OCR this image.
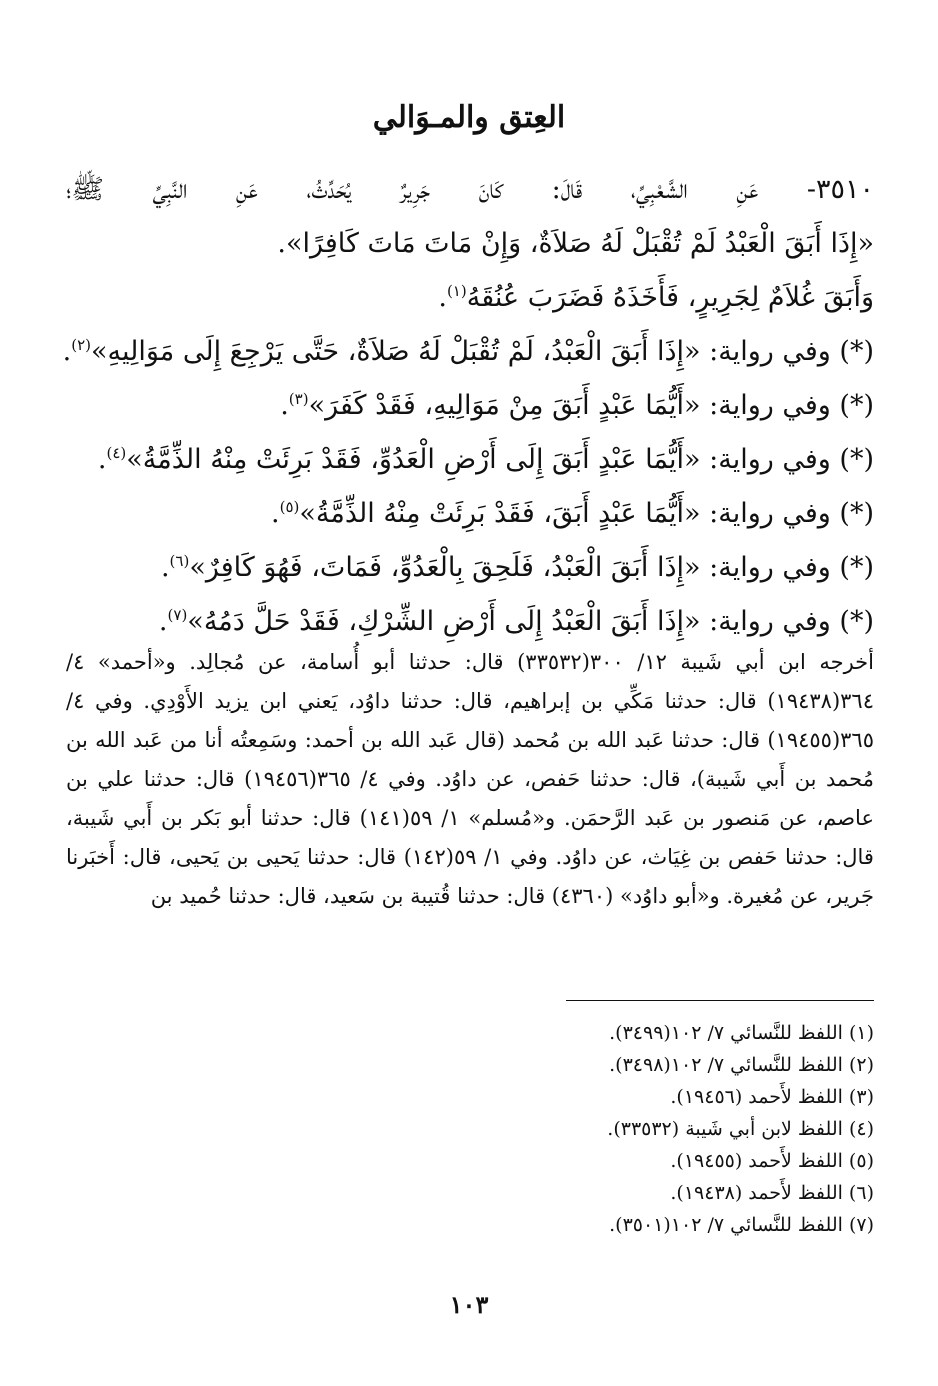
العِتق والمـوَالي
٣٥١٠- عَنِ الشَّعْبِيِّ، قَالَ: كَانَ جَرِيرٌ يُحَدِّثُ، عَنِ النَّبِيِّ ﷺ؛
«إِذَا أَبَقَ الْعَبْدُ لَمْ تُقْبَلْ لَهُ صَلاَةٌ، وَإِنْ مَاتَ مَاتَ كَافِرًا».
وَأَبَقَ غُلاَمٌ لِجَرِيرٍ، فَأَخَذَهُ فَضَرَبَ عُنُقَهُ$^{(١)}$.
(*) وفي رواية: «إِذَا أَبَقَ الْعَبْدُ، لَمْ تُقْبَلْ لَهُ صَلاَةٌ، حَتَّى يَرْجِعَ إِلَى مَوَالِيهِ»$^{(٢)}$.
(*) وفي رواية: «أَيُّمَا عَبْدٍ أَبَقَ مِنْ مَوَالِيهِ، فَقَدْ كَفَرَ»$^{(٣)}$.
(*) وفي رواية: «أَيُّمَا عَبْدٍ أَبَقَ إِلَى أَرْضِ الْعَدُوِّ، فَقَدْ بَرِئَتْ مِنْهُ الذِّمَّةُ»$^{(٤)}$.
(*) وفي رواية: «أَيُّمَا عَبْدٍ أَبَقَ، فَقَدْ بَرِئَتْ مِنْهُ الذِّمَّةُ»$^{(٥)}$.
(*) وفي رواية: «إِذَا أَبَقَ الْعَبْدُ، فَلَحِقَ بِالْعَدُوِّ، فَمَاتَ، فَهُوَ كَافِرٌ»$^{(٦)}$.
(*) وفي رواية: «إِذَا أَبَقَ الْعَبْدُ إِلَى أَرْضِ الشِّرْكِ، فَقَدْ حَلَّ دَمُهُ»$^{(٧)}$.

أخرجه ابن أبي شَيبة ١٢/ ٣٠٠(٣٣٥٣٢) قال: حدثنا أبو أُسامة، عن مُجالِد. و«أحمد» ٤/ ٣٦٤(١٩٤٣٨) قال: حدثنا مَكِّي بن إبراهيم، قال: حدثنا داوُد، يَعني ابن يزيد الأَوْدِي. وفي ٤/ ٣٦٥(١٩٤٥٥) قال: حدثنا عَبد الله بن مُحمد (قال عَبد الله بن أحمد: وسَمِعتُه أنا من عَبد الله بن مُحمد بن أَبي شَيبة)، قال: حدثنا حَفص، عن داوُد. وفي ٤/ ٣٦٥(١٩٤٥٦) قال: حدثنا علي بن عاصم، عن مَنصور بن عَبد الرَّحمَن. و«مُسلم» ١/ ٥٩(١٤١) قال: حدثنا أبو بَكر بن أَبي شَيبة، قال: حدثنا حَفص بن غِيَاث، عن داوُد. وفي ١/ ٥٩(١٤٢) قال: حدثنا يَحيى بن يَحيى، قال: أَخبَرنا جَرير، عن مُغيرة. و«أبو داوُد» (٤٣٦٠) قال: حدثنا قُتيبة بن سَعيد، قال: حدثنا حُميد بن

(١) اللفظ للنَّسائي ٧/ ١٠٢(٣٤٩٩).
(٢) اللفظ للنَّسائي ٧/ ١٠٢(٣٤٩٨).
(٣) اللفظ لأَحمد (١٩٤٥٦).
(٤) اللفظ لابن أبي شَيبة (٣٣٥٣٢).
(٥) اللفظ لأَحمد (١٩٤٥٥).
(٦) اللفظ لأَحمد (١٩٤٣٨).
(٧) اللفظ للنَّسائي ٧/ ١٠٢(٣٥٠١).
١٠٣
